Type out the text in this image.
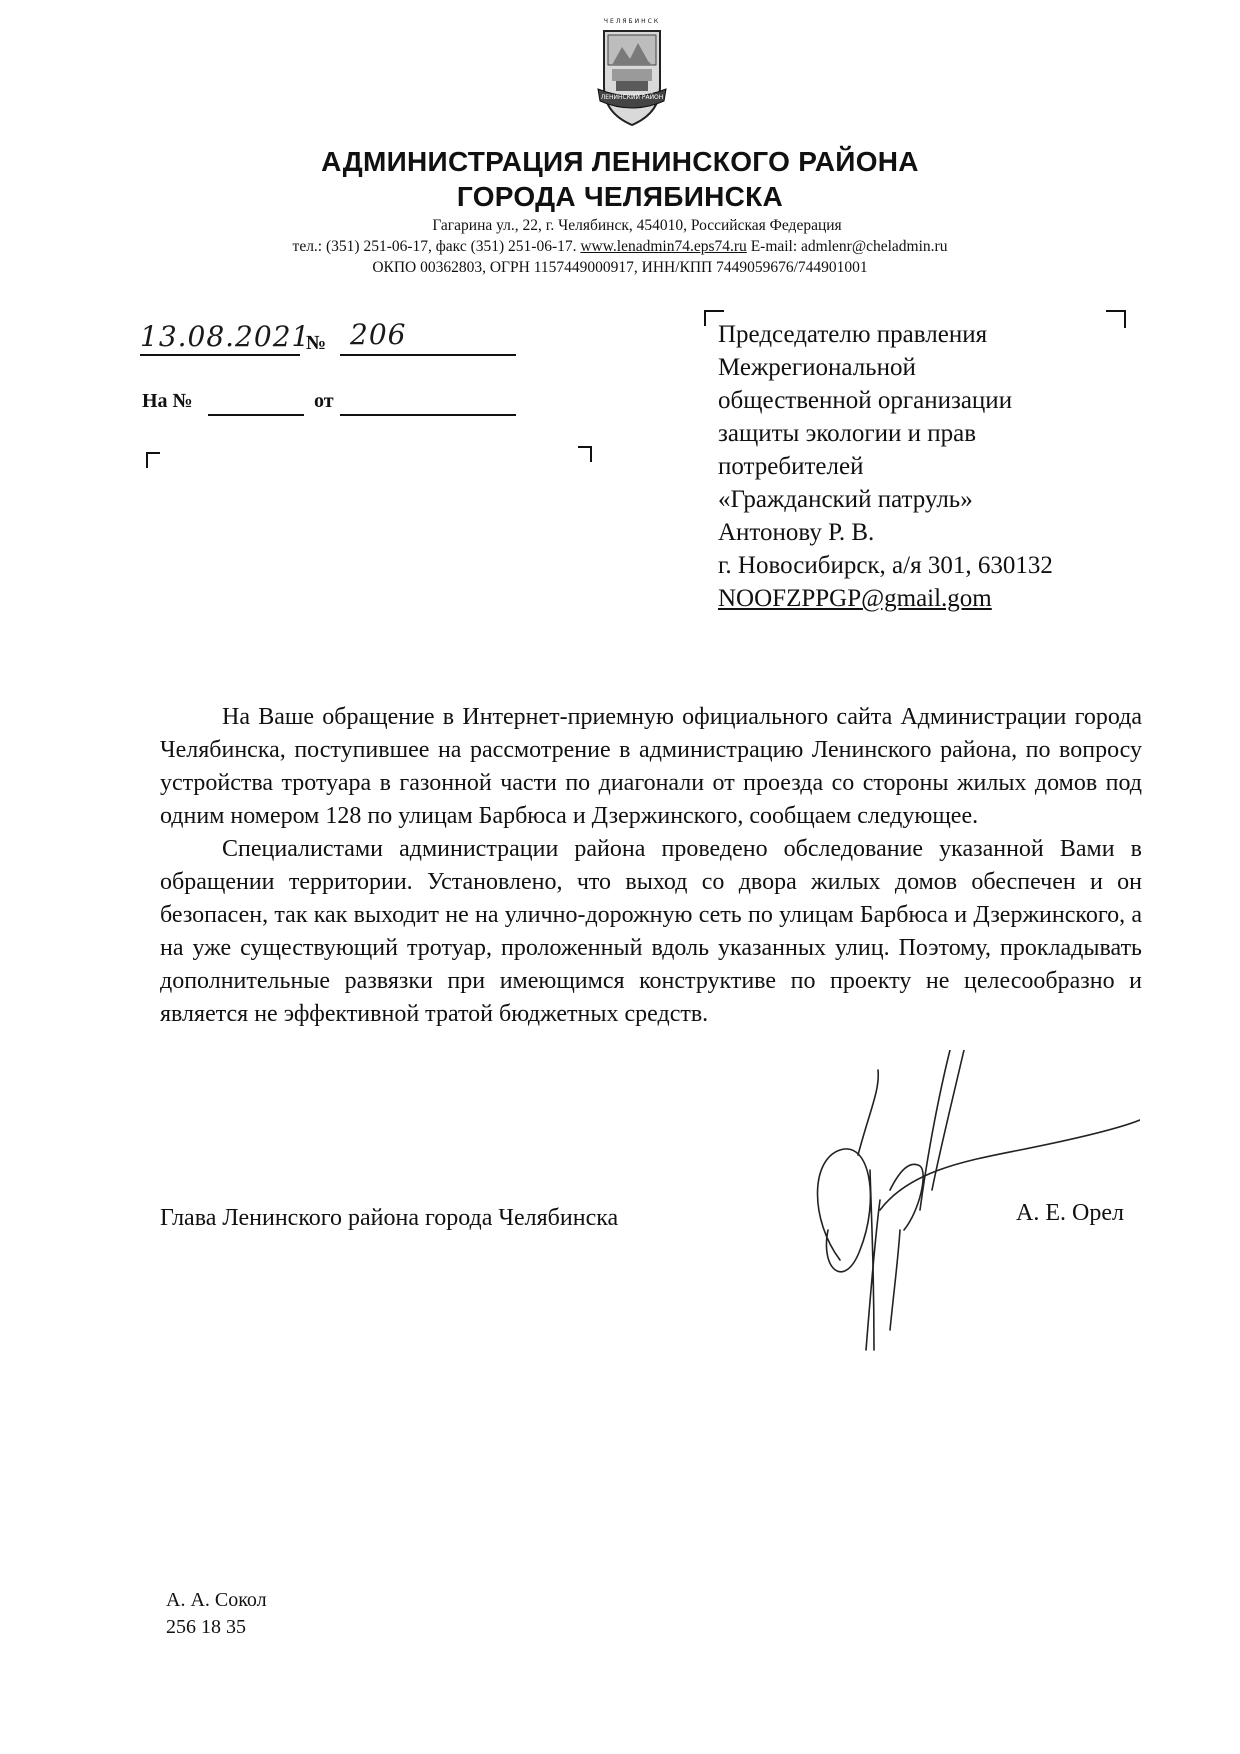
ЧЕЛЯБИНСК
ЛЕНИНСКИЙ РАЙОН
АДМИНИСТРАЦИЯ ЛЕНИНСКОГО РАЙОНА
ГОРОДА ЧЕЛЯБИНСКА
Гагарина ул., 22, г. Челябинск, 454010, Российская Федерация
тел.: (351) 251-06-17, факс (351) 251-06-17. www.lenadmin74.eps74.ru E-mail: admlenr@cheladmin.ru
ОКПО 00362803, ОГРН 1157449000917, ИНН/КПП 7449059676/744901001
13.08.2021
№ 206
На №	от
Председателю правления
Межрегиональной
общественной организации
защиты экологии и прав
потребителей
«Гражданский патруль»
Антонову Р. В.
г. Новосибирск, а/я 301, 630132
NOOFZPPGP@gmail.gom

На Ваше обращение в Интернет-приемную официального сайта Администрации города Челябинска, поступившее на рассмотрение в администрацию Ленинского района, по вопросу устройства тротуара в газонной части по диагонали от проезда со стороны жилых домов под одним номером 128 по улицам Барбюса и Дзержинского, сообщаем следующее.

Специалистами администрации района проведено обследование указанной Вами в обращении территории. Установлено, что выход со двора жилых домов обеспечен и он безопасен, так как выходит не на улично-дорожную сеть по улицам Барбюса и Дзержинского, а на уже существующий тротуар, проложенный вдоль указанных улиц. Поэтому, прокладывать дополнительные развязки при имеющимся конструктиве по проекту не целесообразно и является не эффективной тратой бюджетных средств.

Глава Ленинского района города Челябинска	А. Е. Орел
А. А. Сокол
256 18 35
